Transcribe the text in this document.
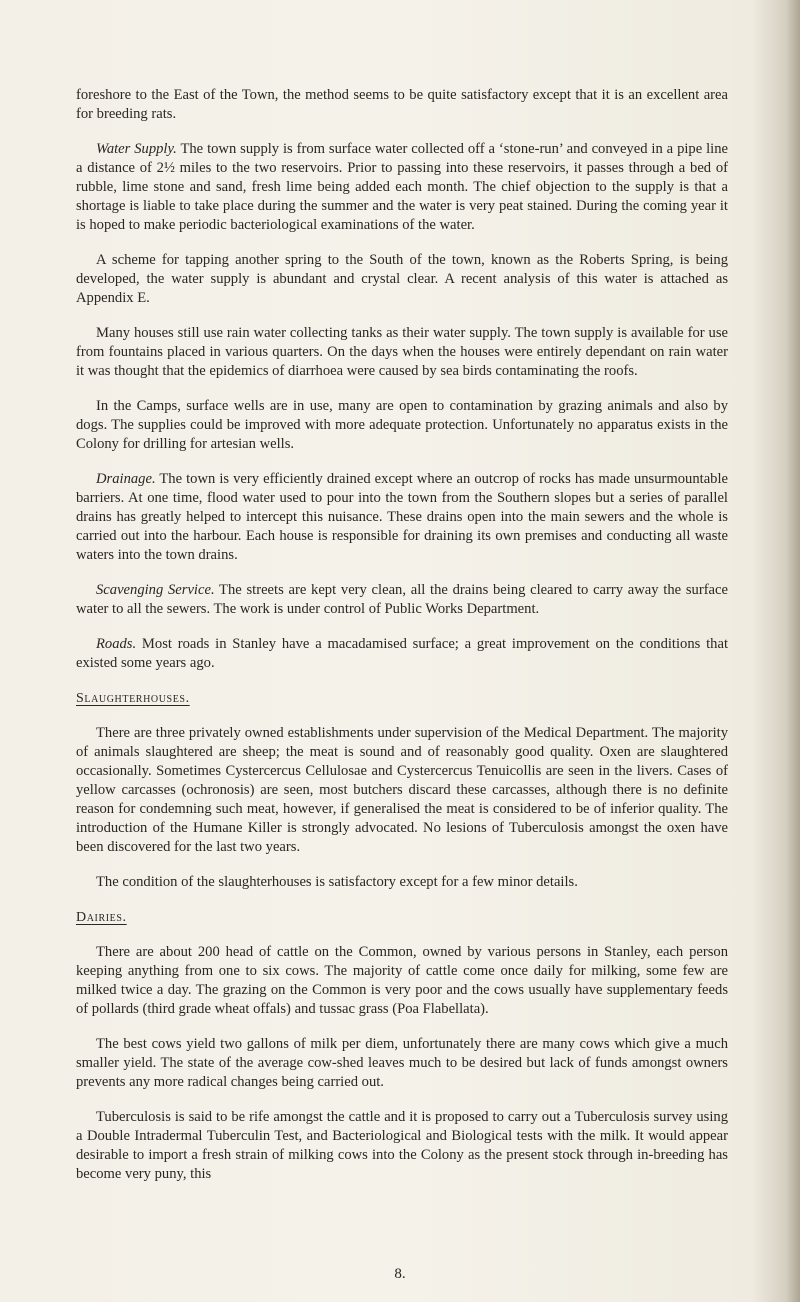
foreshore to the East of the Town, the method seems to be quite satisfactory except that it is an excellent area for breeding rats.

Water Supply. The town supply is from surface water collected off a ‘stone-run’ and conveyed in a pipe line a distance of 2½ miles to the two reservoirs. Prior to passing into these reservoirs, it passes through a bed of rubble, lime stone and sand, fresh lime being added each month. The chief objection to the supply is that a shortage is liable to take place during the summer and the water is very peat stained. During the coming year it is hoped to make periodic bacteriological examinations of the water.

A scheme for tapping another spring to the South of the town, known as the Roberts Spring, is being developed, the water supply is abundant and crystal clear. A recent analysis of this water is attached as Appendix E.

Many houses still use rain water collecting tanks as their water supply. The town supply is available for use from fountains placed in various quarters. On the days when the houses were entirely dependant on rain water it was thought that the epidemics of diarrhoea were caused by sea birds contaminating the roofs.

In the Camps, surface wells are in use, many are open to contamination by grazing animals and also by dogs. The supplies could be improved with more adequate protection. Unfortunately no apparatus exists in the Colony for drilling for artesian wells.

Drainage. The town is very efficiently drained except where an outcrop of rocks has made unsurmountable barriers. At one time, flood water used to pour into the town from the Southern slopes but a series of parallel drains has greatly helped to intercept this nuisance. These drains open into the main sewers and the whole is carried out into the harbour. Each house is responsible for draining its own premises and conducting all waste waters into the town drains.

Scavenging Service. The streets are kept very clean, all the drains being cleared to carry away the surface water to all the sewers. The work is under control of Public Works Department.

Roads. Most roads in Stanley have a macadamised surface; a great improvement on the conditions that existed some years ago.

Slaughterhouses.

There are three privately owned establishments under supervision of the Medical Department. The majority of animals slaughtered are sheep; the meat is sound and of reasonably good quality. Oxen are slaughtered occasionally. Sometimes Cystercercus Cellulosae and Cystercercus Tenuicollis are seen in the livers. Cases of yellow carcasses (ochronosis) are seen, most butchers discard these carcasses, although there is no definite reason for condemning such meat, however, if generalised the meat is considered to be of inferior quality. The introduction of the Humane Killer is strongly advocated. No lesions of Tuberculosis amongst the oxen have been discovered for the last two years.

The condition of the slaughterhouses is satisfactory except for a few minor details.

Dairies.

There are about 200 head of cattle on the Common, owned by various persons in Stanley, each person keeping anything from one to six cows. The majority of cattle come once daily for milking, some few are milked twice a day. The grazing on the Common is very poor and the cows usually have supplementary feeds of pollards (third grade wheat offals) and tussac grass (Poa Flabellata).

The best cows yield two gallons of milk per diem, unfortunately there are many cows which give a much smaller yield. The state of the average cow-shed leaves much to be desired but lack of funds amongst owners prevents any more radical changes being carried out.

Tuberculosis is said to be rife amongst the cattle and it is proposed to carry out a Tuberculosis survey using a Double Intradermal Tuberculin Test, and Bacteriological and Biological tests with the milk. It would appear desirable to import a fresh strain of milking cows into the Colony as the present stock through in-breeding has become very puny, this

8.
